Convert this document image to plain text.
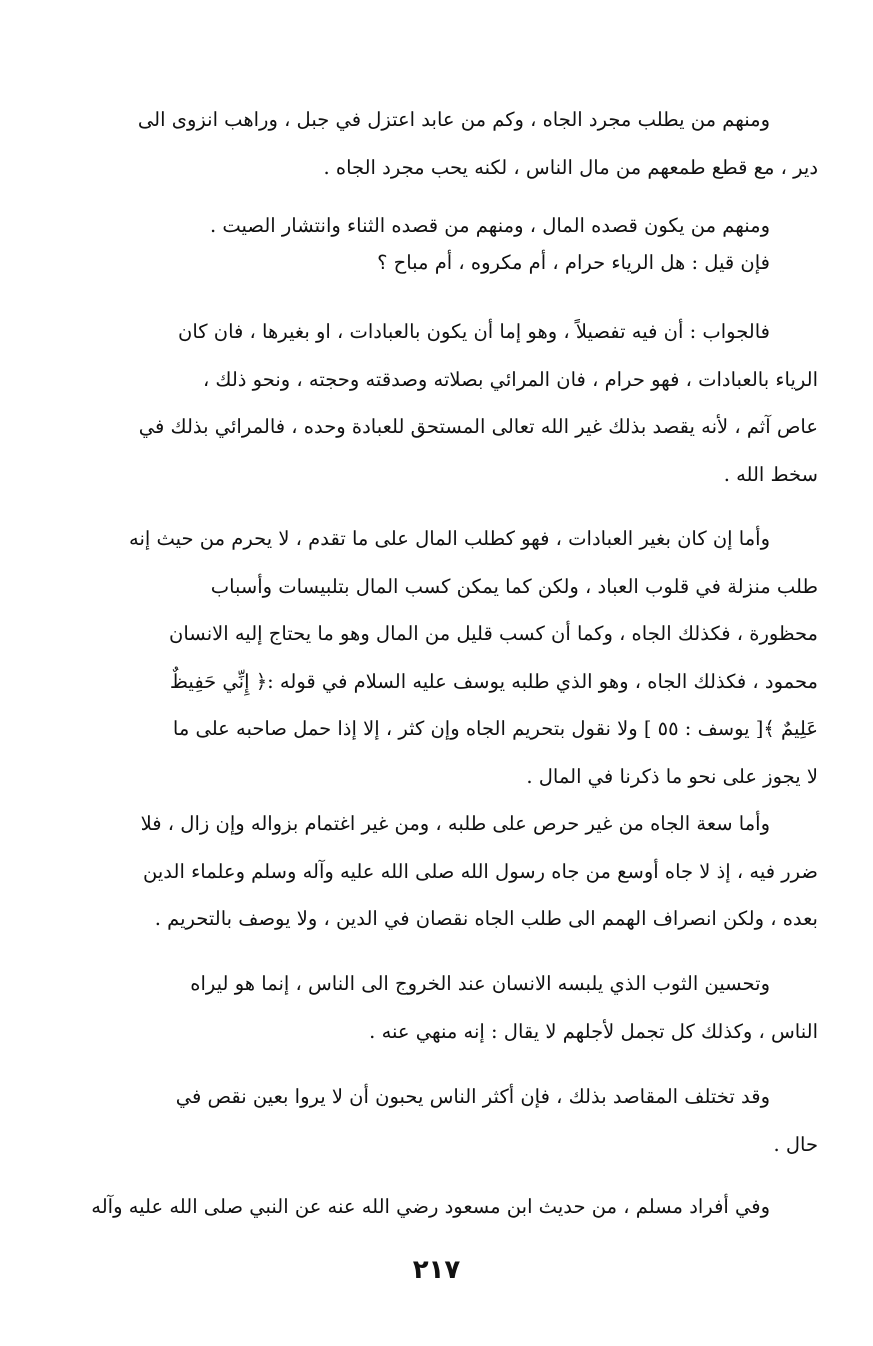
ومنهم من يطلب مجرد الجاه ، وكم من عابد اعتزل في جبل ، وراهب انزوى الى
دير ، مع قطع طمعهم من مال الناس ، لكنه يحب مجرد الجاه .

ومنهم من يكون قصده المال ، ومنهم من قصده الثناء وانتشار الصيت .
فإن قيل : هل الرياء حرام ، أم مكروه ، أم مباح ؟

فالجواب : أن فيه تفصيلاً ، وهو إما أن يكون بالعبادات ، او بغيرها ، فان كان
الرياء بالعبادات ، فهو حرام ، فان المرائي بصلاته وصدقته وحجته ، ونحو ذلك ،
عاص آثم ، لأنه يقصد بذلك غير الله تعالى المستحق للعبادة وحده ، فالمرائي بذلك في
سخط الله .

وأما إن كان بغير العبادات ، فهو كطلب المال على ما تقدم ، لا يحرم من حيث إنه
طلب منزلة في قلوب العباد ، ولكن كما يمكن كسب المال بتلبيسات وأسباب
محظورة ، فكذلك الجاه ، وكما أن كسب قليل من المال وهو ما يحتاج إليه الانسان
محمود ، فكذلك الجاه ، وهو الذي طلبه يوسف عليه السلام في قوله :﴿ إِنِّي حَفِيظٌ
عَلِيمٌ ﴾[ يوسف : ٥٥ ] ولا نقول بتحريم الجاه وإن كثر ، إلا إذا حمل صاحبه على ما
لا يجوز على نحو ما ذكرنا في المال .

وأما سعة الجاه من غير حرص على طلبه ، ومن غير اغتمام بزواله وإن زال ، فلا
ضرر فيه ، إذ لا جاه أوسع من جاه رسول الله صلى الله عليه وآله وسلم وعلماء الدين
بعده ، ولكن انصراف الهمم الى طلب الجاه نقصان في الدين ، ولا يوصف بالتحريم .

وتحسين الثوب الذي يلبسه الانسان عند الخروج الى الناس ، إنما هو ليراه
الناس ، وكذلك كل تجمل لأجلهم لا يقال : إنه منهي عنه .

وقد تختلف المقاصد بذلك ، فإن أكثر الناس يحبون أن لا يروا بعين نقص في
حال .

وفي أفراد مسلم ، من حديث ابن مسعود رضي الله عنه عن النبي صلى الله عليه وآله

٢١٧
